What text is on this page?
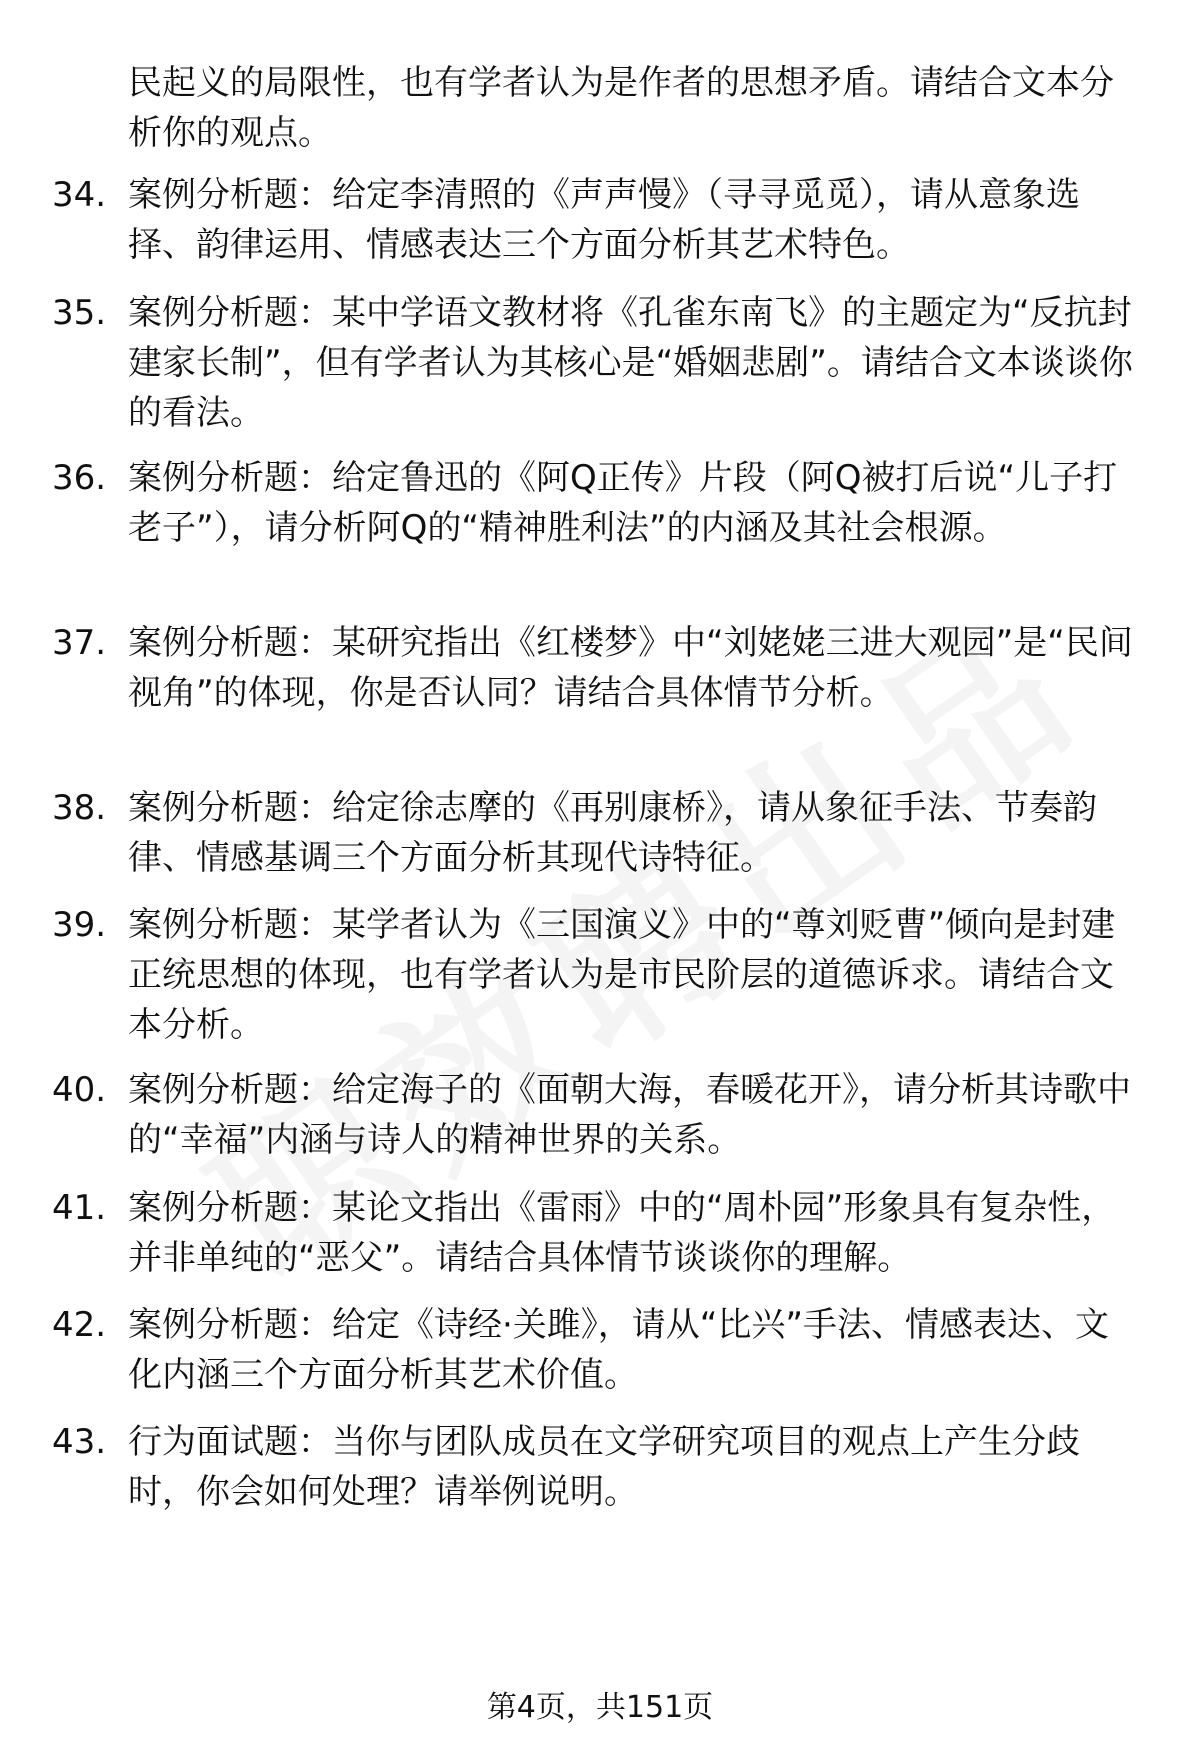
民起义的局限性，也有学者认为是作者的思想矛盾。请结合文本分析你的观点。

34. 案例分析题：给定李清照的《声声慢》（寻寻觅觅），请从意象选择、韵律运用、情感表达三个方面分析其艺术特色。

35. 案例分析题：某中学语文教材将《孔雀东南飞》的主题定为“反抗封建家长制”，但有学者认为其核心是“婚姻悲剧”。请结合文本谈谈你的看法。

36. 案例分析题：给定鲁迅的《阿Q正传》片段（阿Q被打后说“儿子打老子”），请分析阿Q的“精神胜利法”的内涵及其社会根源。

37. 案例分析题：某研究指出《红楼梦》中“刘姥姥三进大观园”是“民间视角”的体现，你是否认同？请结合具体情节分析。

38. 案例分析题：给定徐志摩的《再别康桥》，请从象征手法、节奏韵律、情感基调三个方面分析其现代诗特征。

39. 案例分析题：某学者认为《三国演义》中的“尊刘贬曹”倾向是封建正统思想的体现，也有学者认为是市民阶层的道德诉求。请结合文本分析。

40. 案例分析题：给定海子的《面朝大海，春暖花开》，请分析其诗歌中的“幸福”内涵与诗人的精神世界的关系。

41. 案例分析题：某论文指出《雷雨》中的“周朴园”形象具有复杂性，并非单纯的“恶父”。请结合具体情节谈谈你的理解。

42. 案例分析题：给定《诗经·关雎》，请从“比兴”手法、情感表达、文化内涵三个方面分析其艺术价值。

43. 行为面试题：当你与团队成员在文学研究项目的观点上产生分歧时，你会如何处理？请举例说明。

第4页，共151页
